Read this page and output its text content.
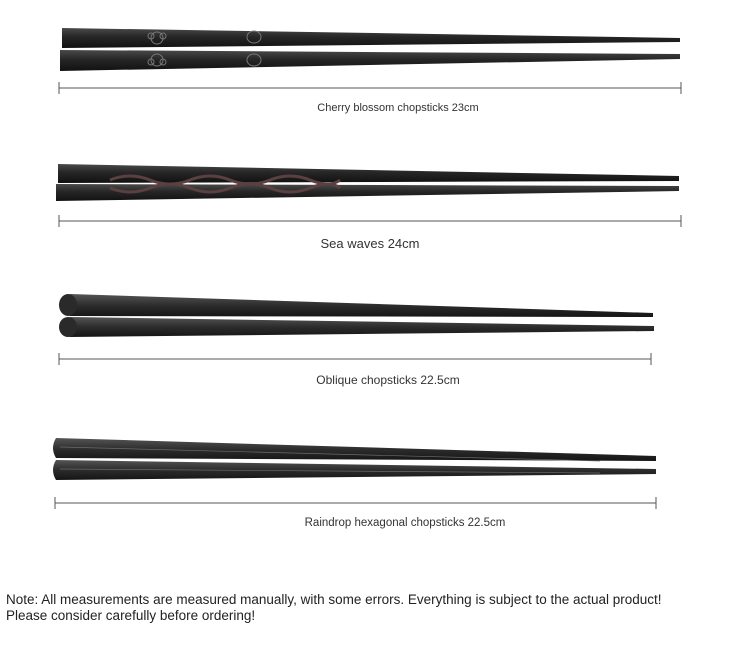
Cherry blossom chopsticks 23cm
Sea waves 24cm
Oblique chopsticks 22.5cm
Raindrop hexagonal chopsticks 22.5cm
Note: All measurements are measured manually, with some errors. Everything is subject to the actual product!
Please consider carefully before ordering!
